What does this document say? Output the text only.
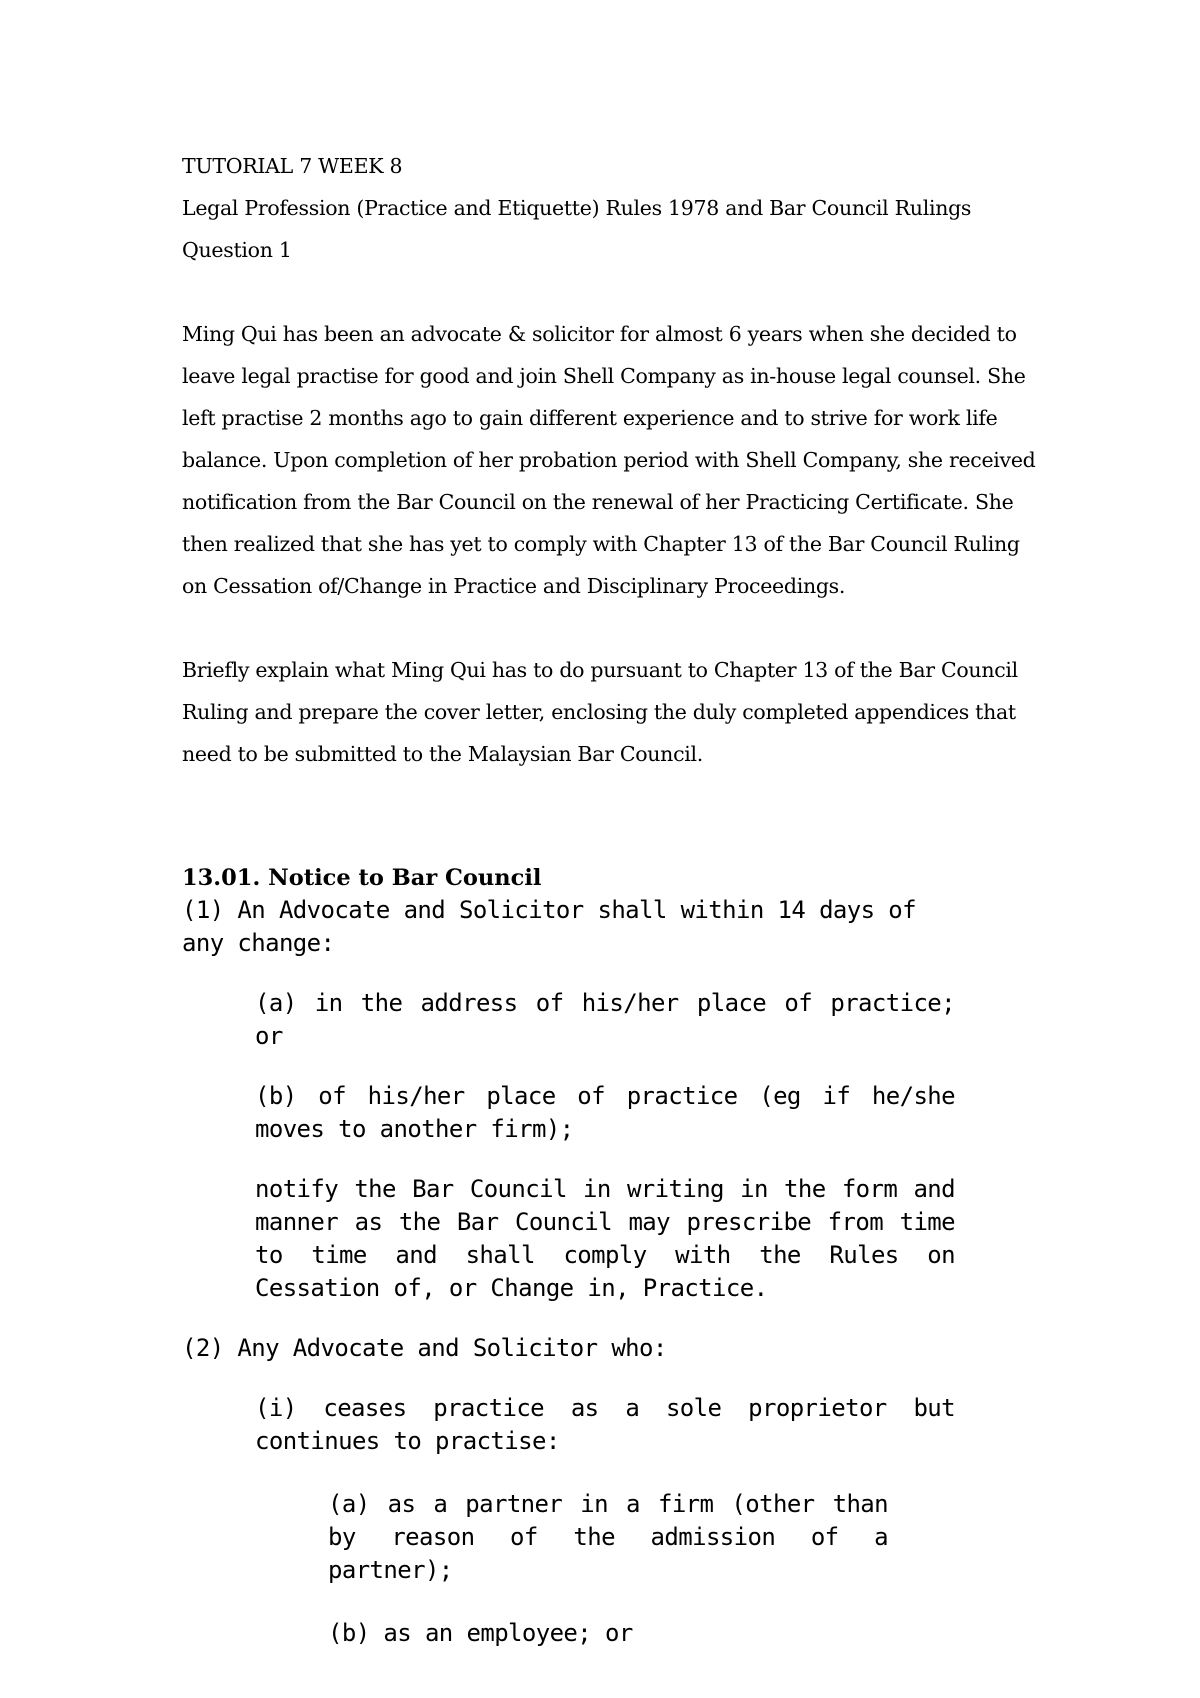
TUTORIAL 7 WEEK 8

Legal Profession (Practice and Etiquette) Rules 1978 and Bar Council Rulings

Question 1

Ming Qui has been an advocate & solicitor for almost 6 years when she decided to leave legal practise for good and join Shell Company as in-house legal counsel. She left practise 2 months ago to gain different experience and to strive for work life balance. Upon completion of her probation period with Shell Company, she received notification from the Bar Council on the renewal of her Practicing Certificate. She then realized that she has yet to comply with Chapter 13 of the Bar Council Ruling on Cessation of/Change in Practice and Disciplinary Proceedings.

Briefly explain what Ming Qui has to do pursuant to Chapter 13 of the Bar Council Ruling and prepare the cover letter, enclosing the duly completed appendices that need to be submitted to the Malaysian Bar Council.

13.01. Notice to Bar Council

(1) An Advocate and Solicitor shall within 14 days of any change:

(a) in the address of his/her place of practice; or

(b) of his/her place of practice (eg if he/she moves to another firm);

notify the Bar Council in writing in the form and manner as the Bar Council may prescribe from time to time and shall comply with the Rules on Cessation of, or Change in, Practice.

(2) Any Advocate and Solicitor who:

(i) ceases practice as a sole proprietor but continues to practise:

(a) as a partner in a firm (other than by reason of the admission of a partner);

(b) as an employee; or
